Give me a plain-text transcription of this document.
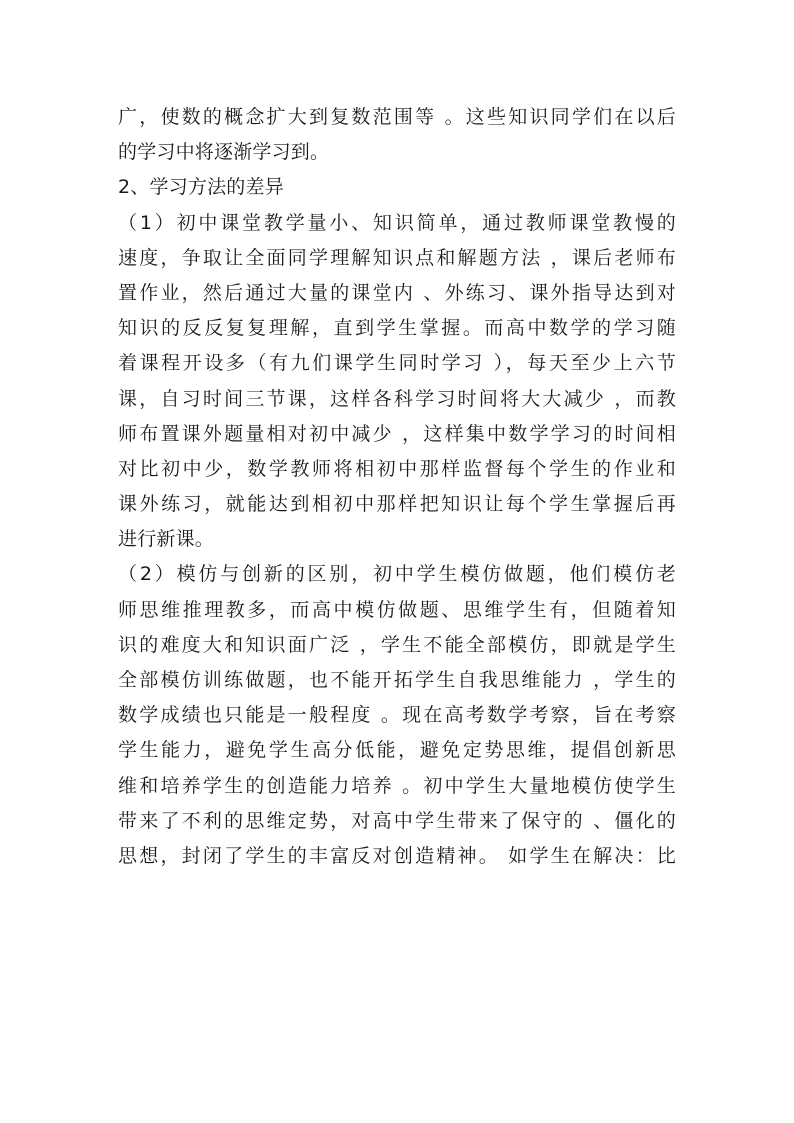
广，使数的概念扩大到复数范围等 。这些知识同学们在以后
的学习中将逐渐学习到。
2、学习方法的差异
（1）初中课堂教学量小、知识简单，通过教师课堂教慢的
速度，争取让全面同学理解知识点和解题方法 ，课后老师布
置作业，然后通过大量的课堂内 、外练习、课外指导达到对
知识的反反复复理解，直到学生掌握。而高中数学的学习随
着课程开设多（有九们课学生同时学习 ），每天至少上六节
课，自习时间三节课，这样各科学习时间将大大减少 ，而教
师布置课外题量相对初中减少 ，这样集中数学学习的时间相
对比初中少，数学教师将相初中那样监督每个学生的作业和
课外练习，就能达到相初中那样把知识让每个学生掌握后再
进行新课。
（2）模仿与创新的区别，初中学生模仿做题，他们模仿老
师思维推理教多，而高中模仿做题、思维学生有，但随着知
识的难度大和知识面广泛 ，学生不能全部模仿，即就是学生
全部模仿训练做题，也不能开拓学生自我思维能力 ，学生的
数学成绩也只能是一般程度 。现在高考数学考察，旨在考察
学生能力，避免学生高分低能，避免定势思维，提倡创新思
维和培养学生的创造能力培养 。初中学生大量地模仿使学生
带来了不利的思维定势，对高中学生带来了保守的 、僵化的
思想，封闭了学生的丰富反对创造精神。 如学生在解决：比
